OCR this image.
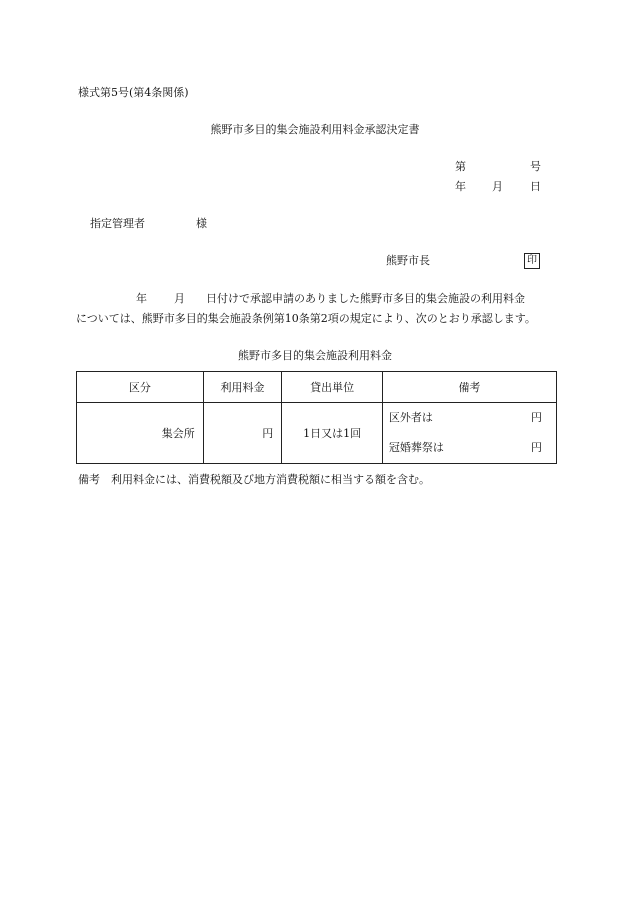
様式第5号(第4条関係)
熊野市多目的集会施設利用料金承認決定書
第	号
年 月 日
指定管理者	様
熊野市長	印
年 月 日付けで承認申請のありました熊野市多目的集会施設の利用料金
については、熊野市多目的集会施設条例第10条第2項の規定により、次のとおり承認します。
熊野市多目的集会施設利用料金
区分	利用料金	貸出単位	備考
集会所	円	1日又は1回	区外者は 円
冠婚葬祭は 円
備考　利用料金には、消費税額及び地方消費税額に相当する額を含む。
